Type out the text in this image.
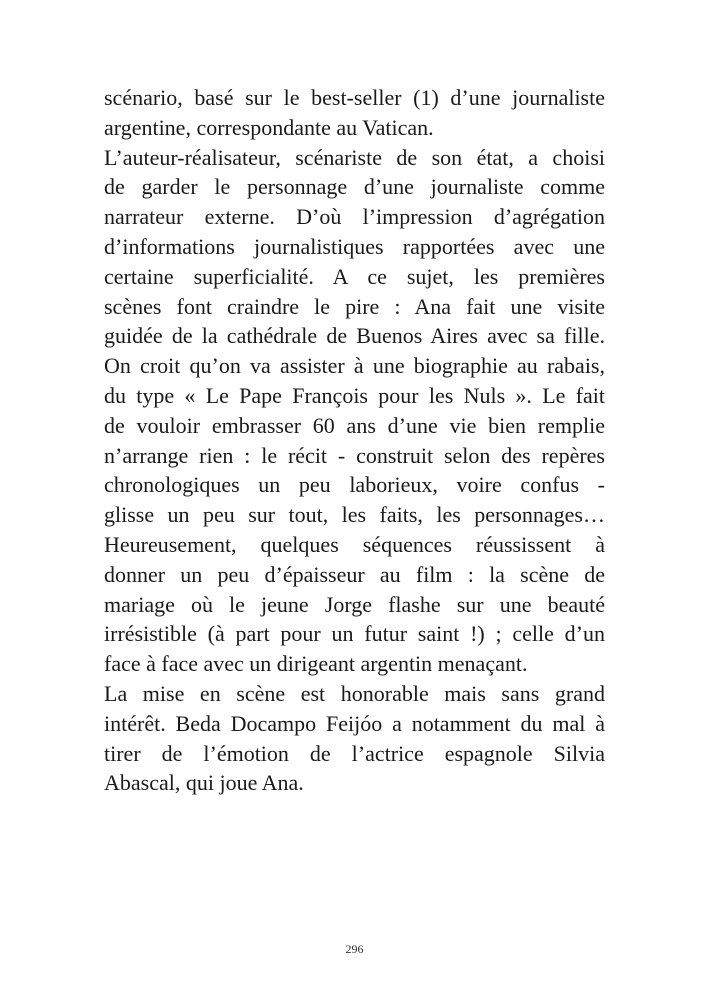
scénario, basé sur le best-seller (1) d’une journaliste
argentine, correspondante au Vatican.
L’auteur-réalisateur, scénariste de son état, a choisi
de garder le personnage d’une journaliste comme
narrateur externe. D’où l’impression d’agrégation
d’informations journalistiques rapportées avec une
certaine superficialité. A ce sujet, les premières
scènes font craindre le pire : Ana fait une visite
guidée de la cathédrale de Buenos Aires avec sa fille.
On croit qu’on va assister à une biographie au rabais,
du type « Le Pape François pour les Nuls ». Le fait
de vouloir embrasser 60 ans d’une vie bien remplie
n’arrange rien : le récit - construit selon des repères
chronologiques un peu laborieux, voire confus -
glisse un peu sur tout, les faits, les personnages…
Heureusement, quelques séquences réussissent à
donner un peu d’épaisseur au film : la scène de
mariage où le jeune Jorge flashe sur une beauté
irrésistible (à part pour un futur saint !) ; celle d’un
face à face avec un dirigeant argentin menaçant.
La mise en scène est honorable mais sans grand
intérêt. Beda Docampo Feijóo a notamment du mal à
tirer de l’émotion de l’actrice espagnole Silvia
Abascal, qui joue Ana.
296
